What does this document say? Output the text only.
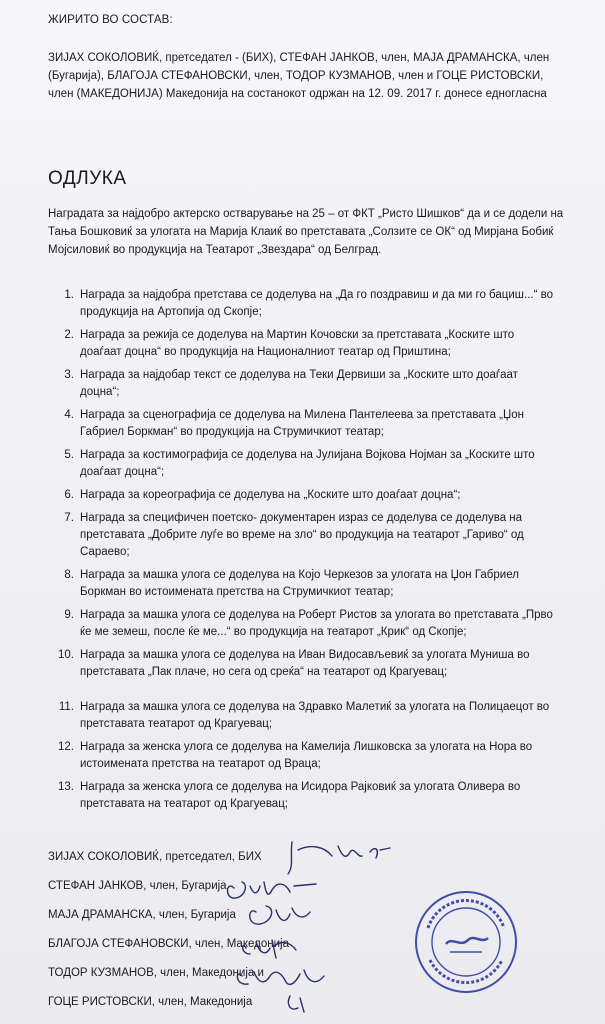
ЖИРИТО ВО СОСТАВ:
ЗИЈАХ СОКОЛОВИЌ, претседател - (БИХ), СТЕФАН ЈАНКОВ, член, МАЈА ДРАМАНСКА, член (Бугарија), БЛАГОЈА СТЕФАНОВСКИ, член, ТОДОР КУЗМАНОВ, член и ГОЦЕ РИСТОВСКИ, член (МАКЕДОНИЈА) Македонија на состанокот одржан на 12. 09. 2017 г. донесе едногласна
ОДЛУКА
Наградата за најдобро актерско остварување на 25 – от ФКТ „Ристо Шишков“ да и се додели на Тања Бошковиќ за улогата на Марија Клаиќ во претставата „Солзите се ОК“ од Мирјана Бобиќ Мојсиловиќ во продукција на Театарот „Звездара“ од Белград.
1. Награда за најдобра претстава се доделува на „Да го поздравиш и да ми го бациш...“ во продукција на Артопија од Скопје;
2. Награда за режија се доделува на Мартин Кочовски за претставата „Коските што доаѓаат доцна“ во продукција на Националниот театар од Приштина;
3. Награда за најдобар текст се доделува на Теки Дервиши за „Коските што доаѓаат доцна“;
4. Награда за сценографија се доделува на Милена Пантелеева за претставата „Џон Габриел Боркман“ во продукција на Струмичкиот театар;
5. Награда за костимографија се доделува на Јулијана Војкова Нојман за „Коските што доаѓаат доцна“;
6. Награда за кореографија се доделува на „Коските што доаѓаат доцна“;
7. Награда за специфичен поетско- документарен израз се доделува се доделува на претставата „Добрите луѓе во време на зло“ во продукција на театарот „Гариво“ од Сараево;
8. Награда за машка улога се доделува на Којо Черкезов за улогата на Џон Габриел Боркман во истоимената претства на Струмичкиот театар;
9. Награда за машка улога се доделува на Роберт Ристов за улогата во претставата „Прво ќе ме земеш, после ќе ме...“ во продукција на театарот „Крик“ од Скопје;
10. Награда за машка улога се доделува на Иван Видосављевиќ за улогата Муниша во претставата „Пак плаче, но сега од среќа“ на театарот од Крагуевац;
11. Награда за машка улога се доделува на Здравко Малетиќ за улогата на Полицаецот во претставата театарот од Крагуевац;
12. Награда за женска улога се доделува на Камелија Лишковска за улогата на Нора во истоимената претства на театарот од Враца;
13. Награда за женска улога се доделува на Исидора Рајковиќ за улогата Оливера во претставата на театарот од Крагуевац;
ЗИЈАХ СОКОЛОВИЌ, претседател, БИХ
СТЕФАН ЈАНКОВ, член, Бугарија
МАЈА ДРАМАНСКА, член, Бугарија
БЛАГОЈА СТЕФАНОВСКИ, член, Македонија
ТОДОР КУЗМАНОВ, член, Македонија и
ГОЦЕ РИСТОВСКИ, член, Македонија
